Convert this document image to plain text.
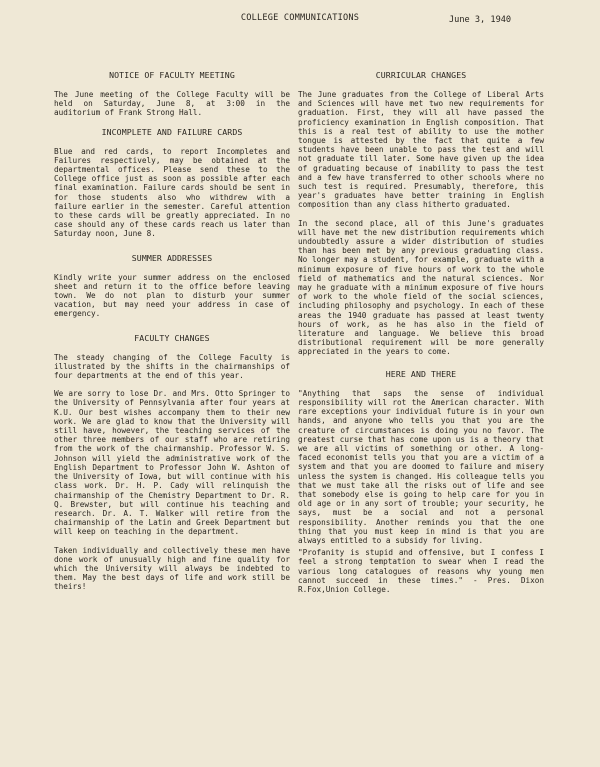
COLLEGE COMMUNICATIONS	June 3, 1940
NOTICE OF FACULTY MEETING

The June meeting of the College Faculty will be held on Saturday, June 8, at 3:00 in the auditorium of Frank Strong Hall.

INCOMPLETE AND FAILURE CARDS

Blue and red cards, to report Incompletes and Failures respectively, may be obtained at the departmental offices. Please send these to the College office just as soon as possible after each final examination. Failure cards should be sent in for those students also who withdrew with a failure earlier in the semester. Careful attention to these cards will be greatly appreciated. In no case should any of these cards reach us later than Saturday noon, June 8.

SUMMER ADDRESSES

Kindly write your summer address on the enclosed sheet and return it to the office before leaving town. We do not plan to disturb your summer vacation, but may need your address in case of emergency.

FACULTY CHANGES

The steady changing of the College Faculty is illustrated by the shifts in the chairmanships of four departments at the end of this year.

We are sorry to lose Dr. and Mrs. Otto Springer to the University of Pennsylvania after four years at K.U. Our best wishes accompany them to their new work. We are glad to know that the University will still have, however, the teaching services of the other three members of our staff who are retiring from the work of the chairmanship. Professor W. S. Johnson will yield the administrative work of the English Department to Professor John W. Ashton of the University of Iowa, but will continue with his class work. Dr. H. P. Cady will relinquish the chairmanship of the Chemistry Department to Dr. R. Q. Brewster, but will continue his teaching and research. Dr. A. T. Walker will retire from the chairmanship of the Latin and Greek Department but will keep on teaching in the department.

Taken individually and collectively these men have done work of unusually high and fine quality for which the University will always be indebted to them. May the best days of life and work still be theirs!

CURRICULAR CHANGES

The June graduates from the College of Liberal Arts and Sciences will have met two new requirements for graduation. First, they will all have passed the proficiency examination in English composition. That this is a real test of ability to use the mother tongue is attested by the fact that quite a few students have been unable to pass the test and will not graduate till later. Some have given up the idea of graduating because of inability to pass the test and a few have transferred to other schools where no such test is required. Presumably, therefore, this year's graduates have better training in English composition than any class hitherto graduated.

In the second place, all of this June's graduates will have met the new distribution requirements which undoubtedly assure a wider distribution of studies than has been met by any previous graduating class. No longer may a student, for example, graduate with a minimum exposure of five hours of work to the whole field of mathematics and the natural sciences. Nor may he graduate with a minimum exposure of five hours of work to the whole field of the social sciences, including philosophy and psychology. In each of these areas the 1940 graduate has passed at least twenty hours of work, as he has also in the field of literature and language. We believe this broad distributional requirement will be more generally appreciated in the years to come.

HERE AND THERE

"Anything that saps the sense of individual responsibility will rot the American character. With rare exceptions your individual future is in your own hands, and anyone who tells you that you are the creature of circumstances is doing you no favor. The greatest curse that has come upon us is a theory that we are all victims of something or other. A long-faced economist tells you that you are a victim of a system and that you are doomed to failure and misery unless the system is changed. His colleague tells you that we must take all the risks out of life and see that somebody else is going to help care for you in old age or in any sort of trouble; your security, he says, must be a social and not a personal responsibility. Another reminds you that the one thing that you must keep in mind is that you are always entitled to a subsidy for living.

"Profanity is stupid and offensive, but I confess I feel a strong temptation to swear when I read the various long catalogues of reasons why young men cannot succeed in these times." - Pres. Dixon R.Fox,Union College.
